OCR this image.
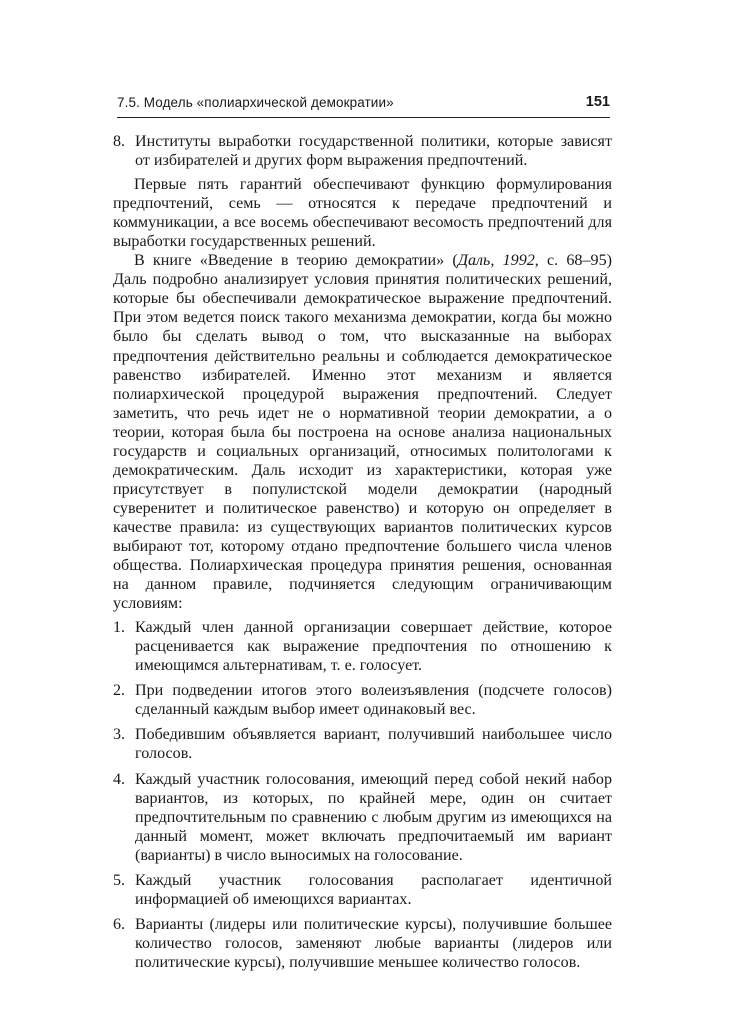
7.5. Модель «полиархической демократии»	151
8. Институты выработки государственной политики, которые зависят от избирателей и других форм выражения предпочтений.

Первые пять гарантий обеспечивают функцию формулирования предпочтений, семь — относятся к передаче предпочтений и коммуникации, а все восемь обеспечивают весомость предпочтений для выработки государственных решений.

В книге «Введение в теорию демократии» (Даль, 1992, с. 68–95) Даль подробно анализирует условия принятия политических решений, которые бы обеспечивали демократическое выражение предпочтений. При этом ведется поиск такого механизма демократии, когда бы можно было бы сделать вывод о том, что высказанные на выборах предпочтения действительно реальны и соблюдается демократическое равенство избирателей. Именно этот механизм и является полиархической процедурой выражения предпочтений. Следует заметить, что речь идет не о нормативной теории демократии, а о теории, которая была бы построена на основе анализа национальных государств и социальных организаций, относимых политологами к демократическим. Даль исходит из характеристики, которая уже присутствует в популистской модели демократии (народный суверенитет и политическое равенство) и которую он определяет в качестве правила: из существующих вариантов политических курсов выбирают тот, которому отдано предпочтение большего числа членов общества. Полиархическая процедура принятия решения, основанная на данном правиле, подчиняется следующим ограничивающим условиям:

1. Каждый член данной организации совершает действие, которое расценивается как выражение предпочтения по отношению к имеющимся альтернативам, т. е. голосует.
2. При подведении итогов этого волеизъявления (подсчете голосов) сделанный каждым выбор имеет одинаковый вес.
3. Победившим объявляется вариант, получивший наибольшее число голосов.
4. Каждый участник голосования, имеющий перед собой некий набор вариантов, из которых, по крайней мере, один он считает предпочтительным по сравнению с любым другим из имеющихся на данный момент, может включать предпочитаемый им вариант (варианты) в число выносимых на голосование.
5. Каждый участник голосования располагает идентичной информацией об имеющихся вариантах.
6. Варианты (лидеры или политические курсы), получившие большее количество голосов, заменяют любые варианты (лидеров или политические курсы), получившие меньшее количество голосов.
